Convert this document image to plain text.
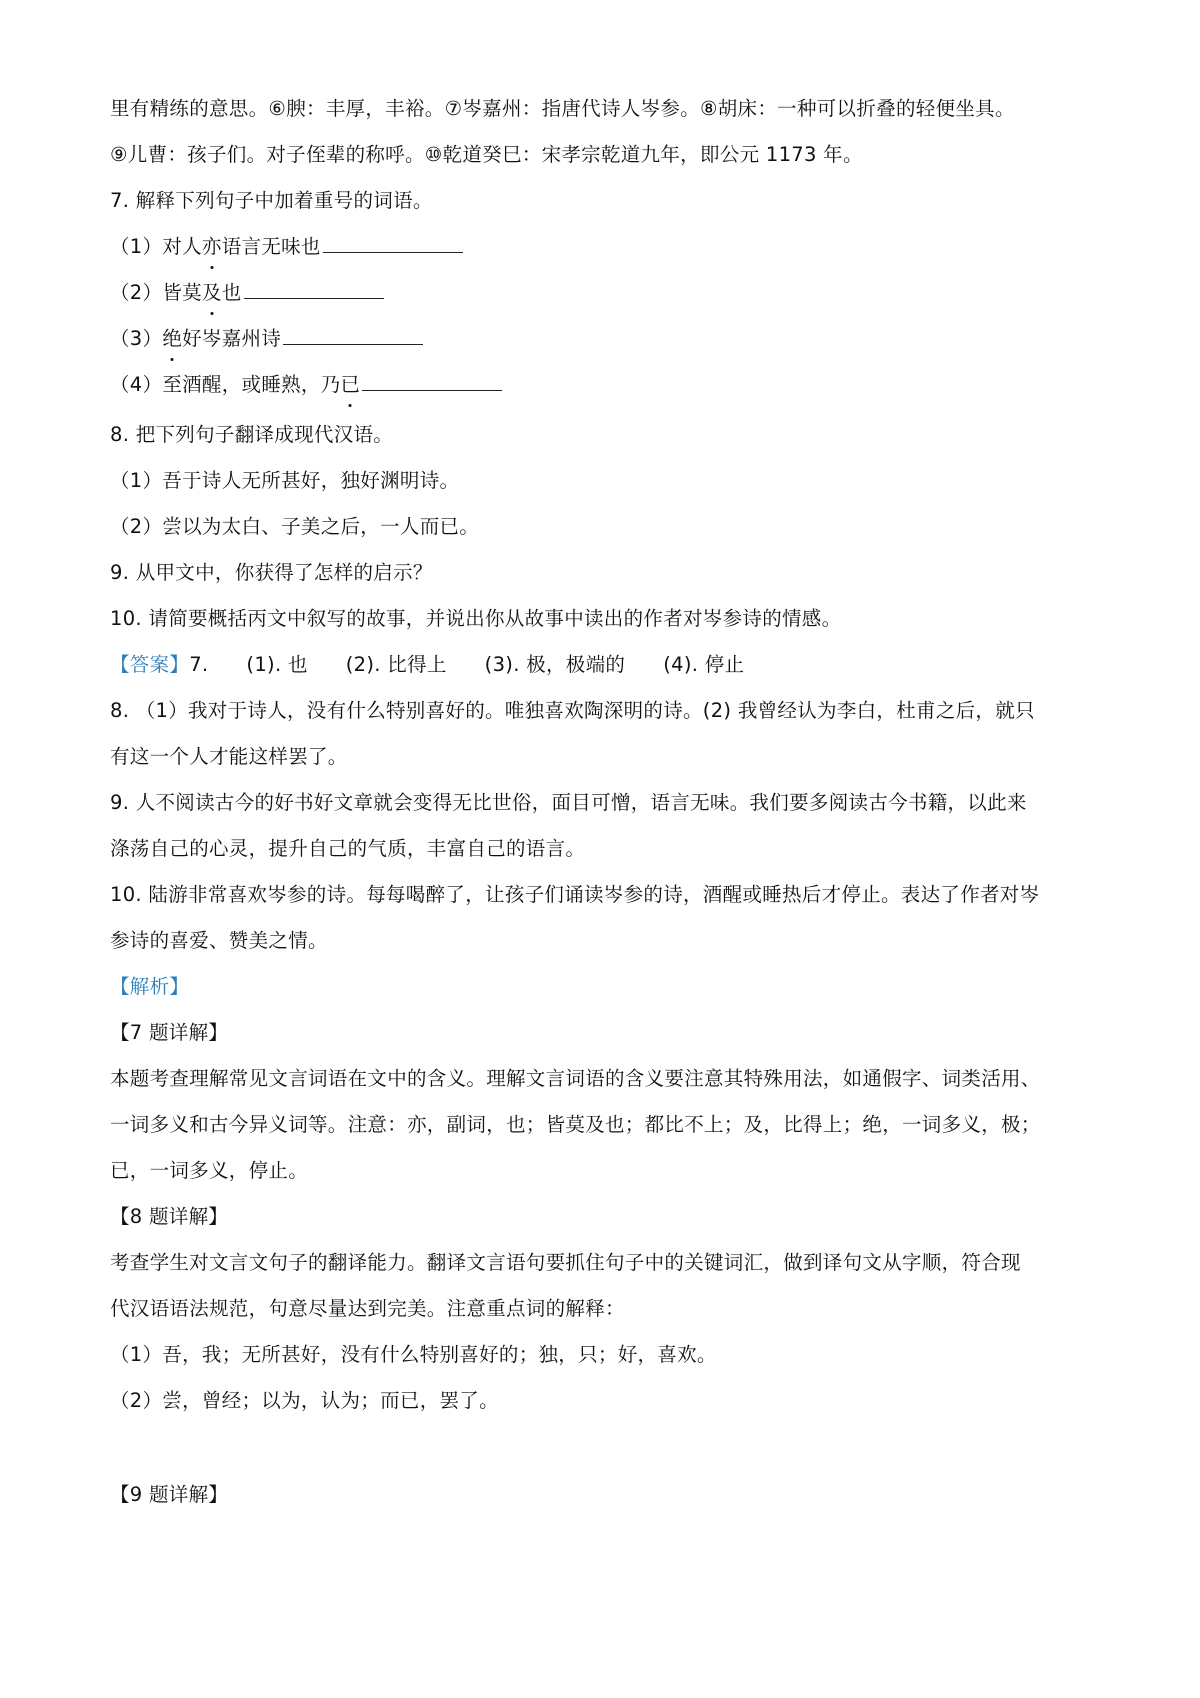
里有精练的意思。⑥腴：丰厚，丰裕。⑦岑嘉州：指唐代诗人岑参。⑧胡床：一种可以折叠的轻便坐具。

⑨儿曹：孩子们。对子侄辈的称呼。⑩乾道癸巳：宋孝宗乾道九年，即公元 1173 年。

7. 解释下列句子中加着重号的词语。

（1）对人亦语言无味也

（2）皆莫及也

（3）绝好岑嘉州诗

（4）至酒醒，或睡熟，乃已

8. 把下列句子翻译成现代汉语。

（1）吾于诗人无所甚好，独好渊明诗。

（2）尝以为太白、子美之后，一人而已。

9. 从甲文中，你获得了怎样的启示？

10. 请简要概括丙文中叙写的故事，并说出你从故事中读出的作者对岑参诗的情感。

【答案】7. (1). 也 (2). 比得上 (3). 极，极端的 (4). 停止

8. （1）我对于诗人，没有什么特别喜好的。唯独喜欢陶深明的诗。(2) 我曾经认为李白，杜甫之后，就只

有这一个人才能这样罢了。

9. 人不阅读古今的好书好文章就会变得无比世俗，面目可憎，语言无味。我们要多阅读古今书籍，以此来

涤荡自己的心灵，提升自己的气质，丰富自己的语言。

10. 陆游非常喜欢岑参的诗。每每喝醉了，让孩子们诵读岑参的诗，酒醒或睡热后才停止。表达了作者对岑

参诗的喜爱、赞美之情。

【解析】

【7 题详解】

本题考查理解常见文言词语在文中的含义。理解文言词语的含义要注意其特殊用法，如通假字、词类活用、

一词多义和古今异义词等。注意：亦，副词，也；皆莫及也；都比不上；及，比得上；绝，一词多义，极；

已，一词多义，停止。

【8 题详解】

考查学生对文言文句子的翻译能力。翻译文言语句要抓住句子中的关键词汇，做到译句文从字顺，符合现

代汉语语法规范，句意尽量达到完美。注意重点词的解释：

（1）吾，我；无所甚好，没有什么特别喜好的；独，只；好，喜欢。

（2）尝，曾经；以为，认为；而已，罢了。

【9 题详解】
